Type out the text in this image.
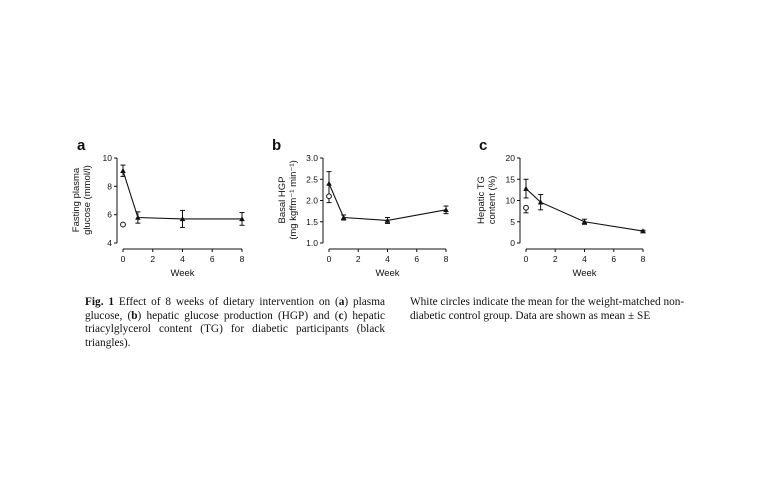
a
4
6
8
10
0	2	4	6	8
Week
Fasting plasmaglucose (mmol/l)
b
1.0
1.5
2.0
2.5
3.0
0	2	4	6	8
Week
Basal HGP(mg kgffm⁻¹ min⁻¹)
c
0
5
10
15
20
0	2	4	6	8
Week
Hepatic TGcontent (%)
Fig. 1 Effect of 8 weeks of dietary intervention on (a) plasma glucose, (b) hepatic glucose production (HGP) and (c) hepatic triacylglycerol content (TG) for diabetic participants (black triangles).
White circles indicate the mean for the weight-matched non-diabetic control group. Data are shown as mean ± SE
